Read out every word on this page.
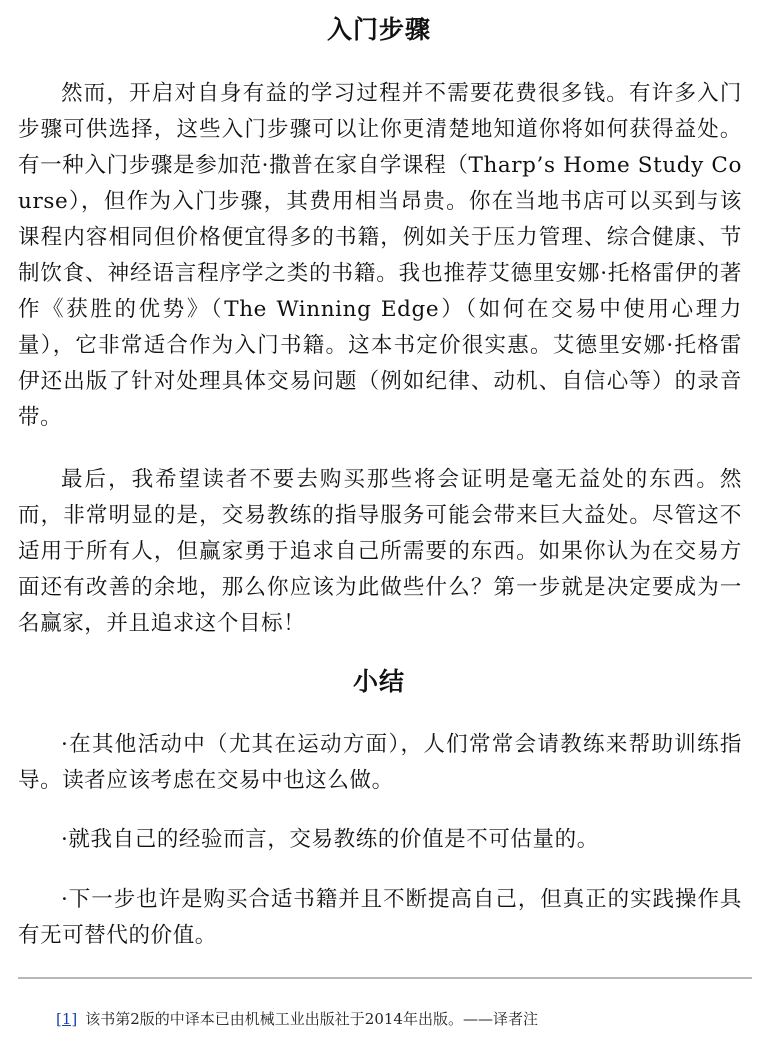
入门步骤

然而，开启对自身有益的学习过程并不需要花费很多钱。有许多入门步骤可供选择，这些入门步骤可以让你更清楚地知道你将如何获得益处。有一种入门步骤是参加范·撒普在家自学课程（Tharp’s Home Study Course），但作为入门步骤，其费用相当昂贵。你在当地书店可以买到与该课程内容相同但价格便宜得多的书籍，例如关于压力管理、综合健康、节制饮食、神经语言程序学之类的书籍。我也推荐艾德里安娜·托格雷伊的著作《获胜的优势》（The Winning Edge）（如何在交易中使用心理力量），它非常适合作为入门书籍。这本书定价很实惠。艾德里安娜·托格雷伊还出版了针对处理具体交易问题（例如纪律、动机、自信心等）的录音带。

最后，我希望读者不要去购买那些将会证明是毫无益处的东西。然而，非常明显的是，交易教练的指导服务可能会带来巨大益处。尽管这不适用于所有人，但赢家勇于追求自己所需要的东西。如果你认为在交易方面还有改善的余地，那么你应该为此做些什么？第一步就是决定要成为一名赢家，并且追求这个目标！

小结

·在其他活动中（尤其在运动方面），人们常常会请教练来帮助训练指导。读者应该考虑在交易中也这么做。

·就我自己的经验而言，交易教练的价值是不可估量的。

·下一步也许是购买合适书籍并且不断提高自己，但真正的实践操作具有无可替代的价值。

[1] 该书第2版的中译本已由机械工业出版社于2014年出版。——译者注
